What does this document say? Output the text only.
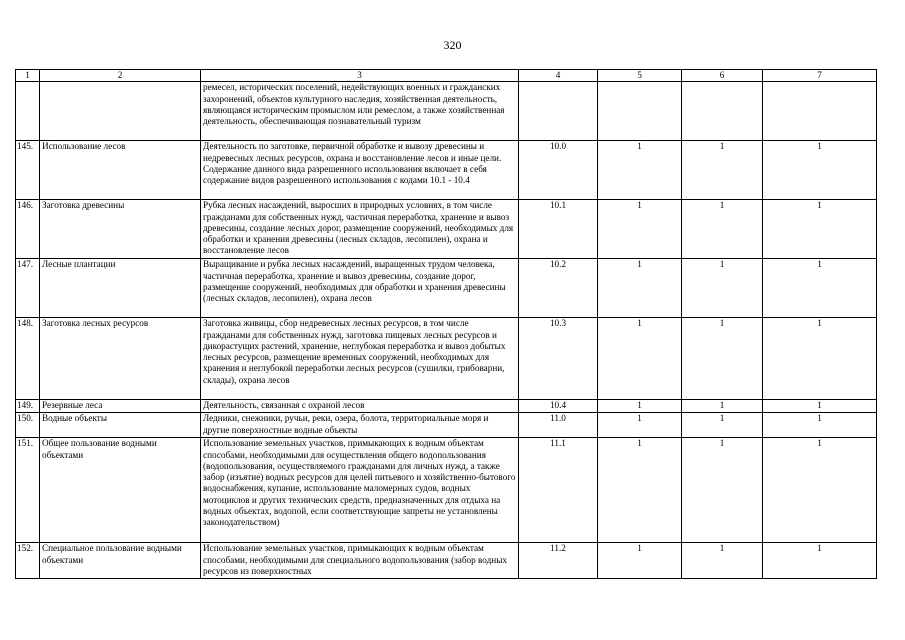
320
1	2	3	4	5	6	7
		ремесел, исторических поселений, недействующих военных и гражданских захоронений, объектов культурного наследия, хозяйственная деятельность, являющаяся историческим промыслом или ремеслом, а также хозяйственная деятельность, обеспечивающая познавательный туризм				
145.	Использование лесов	Деятельность по заготовке, первичной обработке и вывозу древесины и недревесных лесных ресурсов, охрана и восстановление лесов и иные цели. Содержание данного вида разрешенного использования включает в себя содержание видов разрешенного использования с кодами 10.1 - 10.4	10.0	1	1	1
146.	Заготовка древесины	Рубка лесных насаждений, выросших в природных условиях, в том числе гражданами для собственных нужд, частичная переработка, хранение и вывоз древесины, создание лесных дорог, размещение сооружений, необходимых для обработки и хранения древесины (лесных складов, лесопилен), охрана и восстановление лесов	10.1	1	1	1
147.	Лесные плантации	Выращивание и рубка лесных насаждений, выращенных трудом человека, частичная переработка, хранение и вывоз древесины, создание дорог, размещение сооружений, необходимых для обработки и хранения древесины (лесных складов, лесопилен), охрана лесов	10.2	1	1	1
148.	Заготовка лесных ресурсов	Заготовка живицы, сбор недревесных лесных ресурсов, в том числе гражданами для собственных нужд, заготовка пищевых лесных ресурсов и дикорастущих растений, хранение, неглубокая переработка и вывоз добытых лесных ресурсов, размещение временных сооружений, необходимых для хранения и неглубокой переработки лесных ресурсов (сушилки, грибоварни, склады), охрана лесов	10.3	1	1	1
149.	Резервные леса	Деятельность, связанная с охраной лесов	10.4	1	1	1
150.	Водные объекты	Ледники, снежники, ручьи, реки, озера, болота, территориальные моря и другие поверхностные водные объекты	11.0	1	1	1
151.	Общее пользование водными объектами	Использование земельных участков, примыкающих к водным объектам способами, необходимыми для осуществления общего водопользования (водопользования, осуществляемого гражданами для личных нужд, а также забор (изъятие) водных ресурсов для целей питьевого и хозяйственно-бытового водоснабжения, купание, использование маломерных судов, водных мотоциклов и других технических средств, предназначенных для отдыха на водных объектах, водопой, если соответствующие запреты не установлены законодательством)	11.1	1	1	1
152.	Специальное пользование водными объектами	Использование земельных участков, примыкающих к водным объектам способами, необходимыми для специального водопользования (забор водных ресурсов из поверхностных	11.2	1	1	1
